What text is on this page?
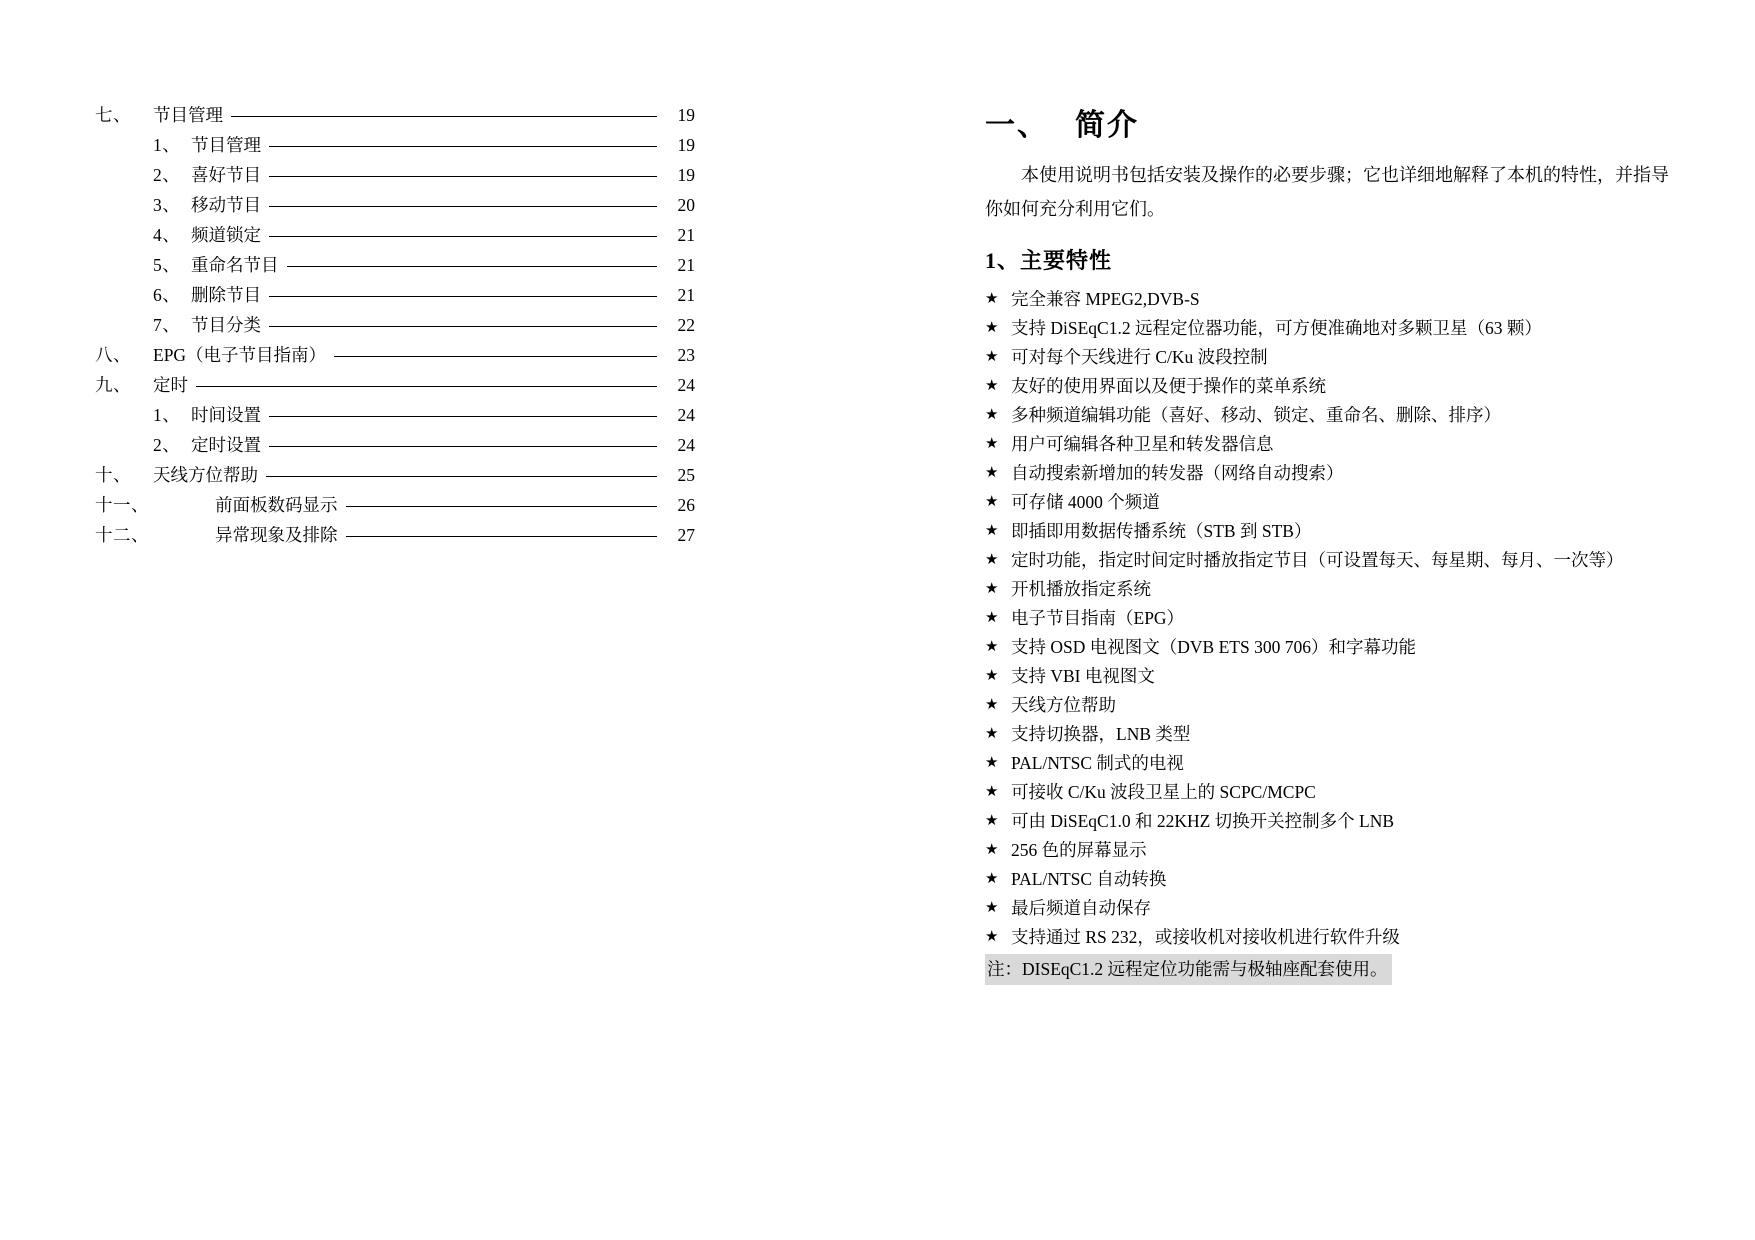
七、	节目管理	19
1、 节目管理	19
2、 喜好节目	19
3、 移动节目	20
4、 频道锁定	21
5、 重命名节目	21
6、 删除节目	21
7、 节目分类	22
八、	EPG（电子节目指南）	23
九、	定时	24
1、 时间设置	24
2、 定时设置	24
十、	天线方位帮助	25
十一、	前面板数码显示	26
十二、	异常现象及排除	27
一、 简介

本使用说明书包括安装及操作的必要步骤；它也详细地解释了本机的特性，并指导你如何充分利用它们。

1、主要特性
★ 完全兼容 MPEG2,DVB-S
★ 支持 DiSEqC1.2 远程定位器功能，可方便准确地对多颗卫星（63 颗）
★ 可对每个天线进行 C/Ku 波段控制
★ 友好的使用界面以及便于操作的菜单系统
★ 多种频道编辑功能（喜好、移动、锁定、重命名、删除、排序）
★ 用户可编辑各种卫星和转发器信息
★ 自动搜索新增加的转发器（网络自动搜索）
★ 可存储 4000 个频道
★ 即插即用数据传播系统（STB 到 STB）
★ 定时功能，指定时间定时播放指定节目（可设置每天、每星期、每月、一次等）
★ 开机播放指定系统
★ 电子节目指南（EPG）
★ 支持 OSD 电视图文（DVB ETS 300 706）和字幕功能
★ 支持 VBI 电视图文
★ 天线方位帮助
★ 支持切换器，LNB 类型
★ PAL/NTSC 制式的电视
★ 可接收 C/Ku 波段卫星上的 SCPC/MCPC
★ 可由 DiSEqC1.0 和 22KHZ 切换开关控制多个 LNB
★ 256 色的屏幕显示
★ PAL/NTSC 自动转换
★ 最后频道自动保存
★ 支持通过 RS 232，或接收机对接收机进行软件升级
注：DISEqC1.2 远程定位功能需与极轴座配套使用。
